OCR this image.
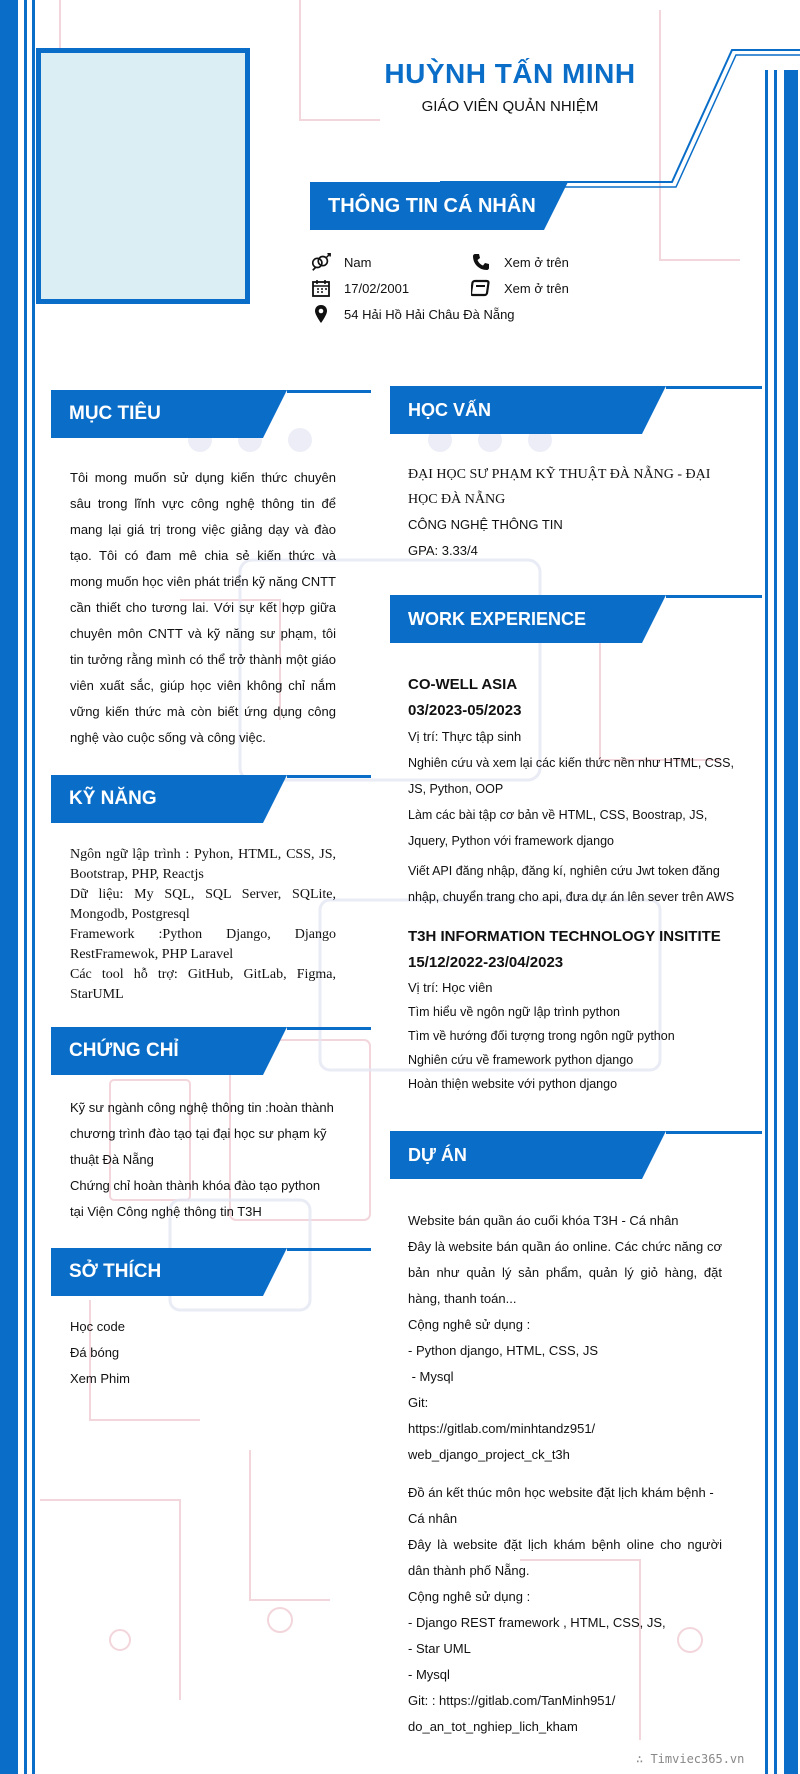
HUỲNH TẤN MINH
GIÁO VIÊN QUẢN NHIỆM
THÔNG TIN CÁ NHÂN
Nam
17/02/2001
54 Hải Hồ Hải Châu Đà Nẵng
Xem ở trên
Xem ở trên
MỤC TIÊU
Tôi mong muốn sử dụng kiến thức chuyên sâu trong lĩnh vực công nghệ thông tin để mang lại giá trị trong việc giảng dạy và đào tạo. Tôi có đam mê chia sẻ kiến thức và mong muốn học viên phát triển kỹ năng CNTT cần thiết cho tương lai. Với sự kết hợp giữa chuyên môn CNTT và kỹ năng sư phạm, tôi tin tưởng rằng mình có thể trở thành một giáo viên xuất sắc, giúp học viên không chỉ nắm vững kiến thức mà còn biết ứng dụng công nghệ vào cuộc sống và công việc.
KỸ NĂNG

Ngôn ngữ lập trình : Pyhon, HTML, CSS, JS, Bootstrap, PHP, Reactjs

Dữ liệu: My SQL, SQL Server, SQLite, Mongodb, Postgresql

Framework :Python Django, Django RestFramewok, PHP Laravel

Các tool hỗ trợ: GitHub, GitLab, Figma, StarUML

CHỨNG CHỈ

Kỹ sư ngành công nghệ thông tin :hoàn thành chương trình đào tạo tại đại học sư phạm kỹ thuật Đà Nẵng

Chứng chỉ hoàn thành khóa đào tạo python tại Viện Công nghệ thông tin T3H

SỞ THÍCH
Học code
Đá bóng
Xem Phim
HỌC VẤN
ĐẠI HỌC SƯ PHẠM KỸ THUẬT ĐÀ NẴNG - ĐẠI HỌC ĐÀ NẴNG
CÔNG NGHỆ THÔNG TIN
GPA: 3.33/4
WORK EXPERIENCE
CO-WELL ASIA
03/2023-05/2023
Vị trí: Thực tập sinh
Nghiên cứu và xem lại các kiến thức nền như HTML, CSS, JS, Python, OOP
Làm các bài tập cơ bản về HTML, CSS, Boostrap, JS, Jquery, Python với framework django
Viết API đăng nhập, đăng kí, nghiên cứu Jwt token đăng nhập, chuyển trang cho api, đưa dự án lên sever trên AWS
T3H INFORMATION TECHNOLOGY INSITITE
15/12/2022-23/04/2023
Vị trí: Học viên
Tìm hiểu về ngôn ngữ lập trình python
Tìm về hướng đối tượng trong ngôn ngữ python
Nghiên cứu về framework python django
Hoàn thiện website với python django
DỰ ÁN
Website bán quần áo cuối khóa T3H - Cá nhân
Đây là website bán quần áo online. Các chức năng cơ bản như quản lý sản phẩm, quản lý giỏ hàng, đặt hàng, thanh toán...
Cộng nghê sử dụng :
- Python django, HTML, CSS, JS
- Mysql
Git:
https://gitlab.com/minhtandz951/ web_django_project_ck_t3h
Đồ án kết thúc môn học website đặt lịch khám bệnh - Cá nhân
Đây là website đặt lịch khám bệnh oline cho người dân thành phố Nẵng.
Cộng nghê sử dụng :
- Django REST framework , HTML, CSS, JS,
- Star UML
- Mysql
Git: : https://gitlab.com/TanMinh951/ do_an_tot_nghiep_lich_kham
∴ Timviec365.vn
